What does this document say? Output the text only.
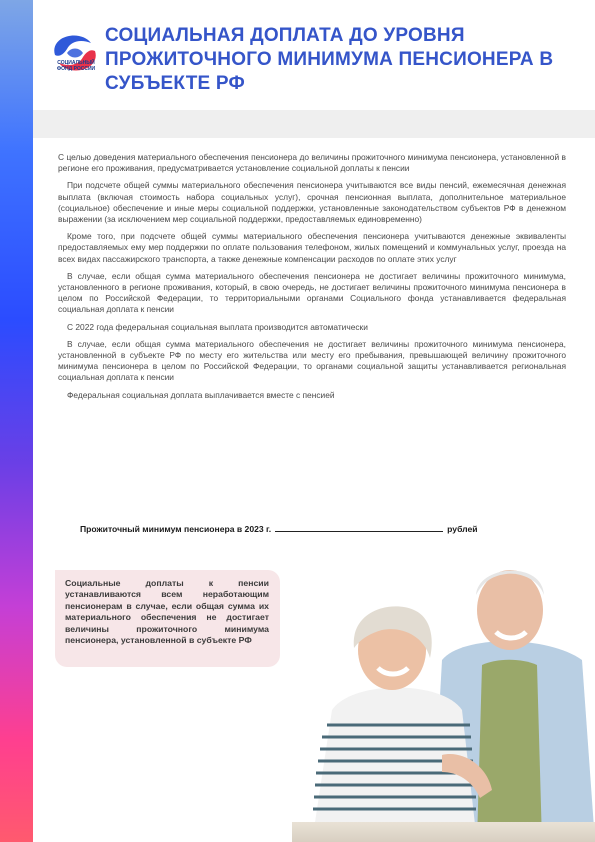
СОЦИАЛЬНЫЙ ФОНД РОССИИ
СОЦИАЛЬНАЯ ДОПЛАТА ДО УРОВНЯ ПРОЖИТОЧНОГО МИНИМУМА ПЕНСИОНЕРА В СУБЪЕКТЕ РФ

С целью доведения материального обеспечения пенсионера до величины прожиточного минимума пенсионера, установленной в регионе его проживания, предусматривается установление социальной доплаты к пенсии

При подсчете общей суммы материального обеспечения пенсионера учитываются все виды пенсий, ежемесячная денежная выплата (включая стоимость набора социальных услуг), срочная пенсионная выплата, дополнительное материальное (социальное) обеспечение и иные меры социальной поддержки, установленные законодательством субъектов РФ в денежном выражении (за исключением мер социальной поддержки, предоставляемых единовременно)

Кроме того, при подсчете общей суммы материального обеспечения пенсионера учитываются денежные эквиваленты предоставляемых ему мер поддержки по оплате пользования телефоном, жилых помещений и коммунальных услуг, проезда на всех видах пассажирского транспорта, а также денежные компенсации расходов по оплате этих услуг

В случае, если общая сумма материального обеспечения пенсионера не достигает величины прожиточного минимума, установленного в регионе проживания, который, в свою очередь, не достигает величины прожиточного минимума пенсионера в целом по Российской Федерации, то территориальными органами Социального фонда устанавливается федеральная социальная доплата к пенсии

С 2022 года федеральная социальная выплата производится автоматически

В случае, если общая сумма материального обеспечения не достигает величины прожиточного минимума пенсионера, установленной в субъекте РФ по месту его жительства или месту его пребывания, превышающей величину прожиточного минимума пенсионера в целом по Российской Федерации, то органами социальной защиты устанавливается региональная социальная доплата к пенсии

Федеральная социальная доплата выплачивается вместе с пенсией

Прожиточный минимум пенсионера в 2023 г.	рублей
Социальные доплаты к пенсии устанавливаются всем неработающим пенсионерам в случае, если общая сумма их материального обеспечения не достигает величины прожиточного минимума пенсионера, установленной в субъекте РФ
